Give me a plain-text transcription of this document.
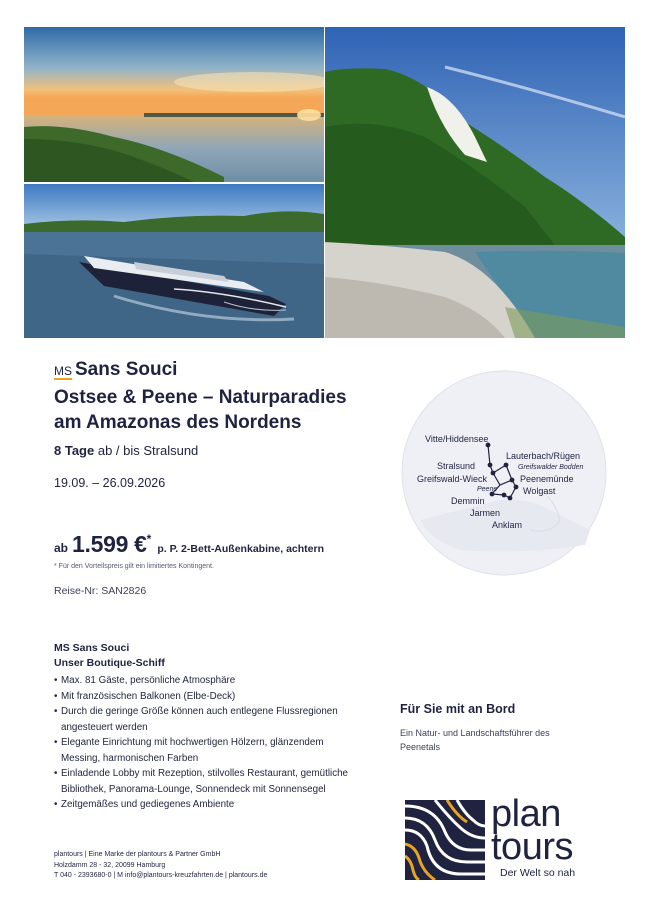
MS Sans Souci
Ostsee & Peene – Naturparadies
am Amazonas des Nordens
8 Tage ab / bis Stralsund
19.09. – 26.09.2026
ab 1.599 € *
p. P. 2-Bett-Außenkabine, achtern
* Für den Vorteilspreis gilt ein limitiertes Kontingent.
Reise-Nr: SAN2826
Vitte/Hiddensee
Lauterbach/Rügen
Greifswalder Bodden
Stralsund
Greifswald-Wieck	Peenemünde
Peene	Wolgast
Demmin
Jarmen
Anklam
MS Sans Souci
Unser Boutique-Schiff
• Max. 81 Gäste, persönliche Atmosphäre
• Mit französischen Balkonen (Elbe-Deck)
• Durch die geringe Größe können auch entlegene Flussregionen angesteuert werden
• Elegante Einrichtung mit hochwertigen Hölzern, glänzendem Messing, harmonischen Farben
• Einladende Lobby mit Rezeption, stilvolles Restaurant, gemütliche Bibliothek, Panorama-Lounge, Sonnendeck mit Sonnensegel
• Zeitgemäßes und gediegenes Ambiente
Für Sie mit an Bord
Ein Natur- und Landschaftsführer des Peenetals
plan
tours
Der Welt so nah
plantours | Eine Marke der plantours & Partner GmbH
Holzdamm 28 - 32, 20099 Hamburg
T 040 - 2393680-0 | M info@plantours-kreuzfahrten.de | plantours.de
